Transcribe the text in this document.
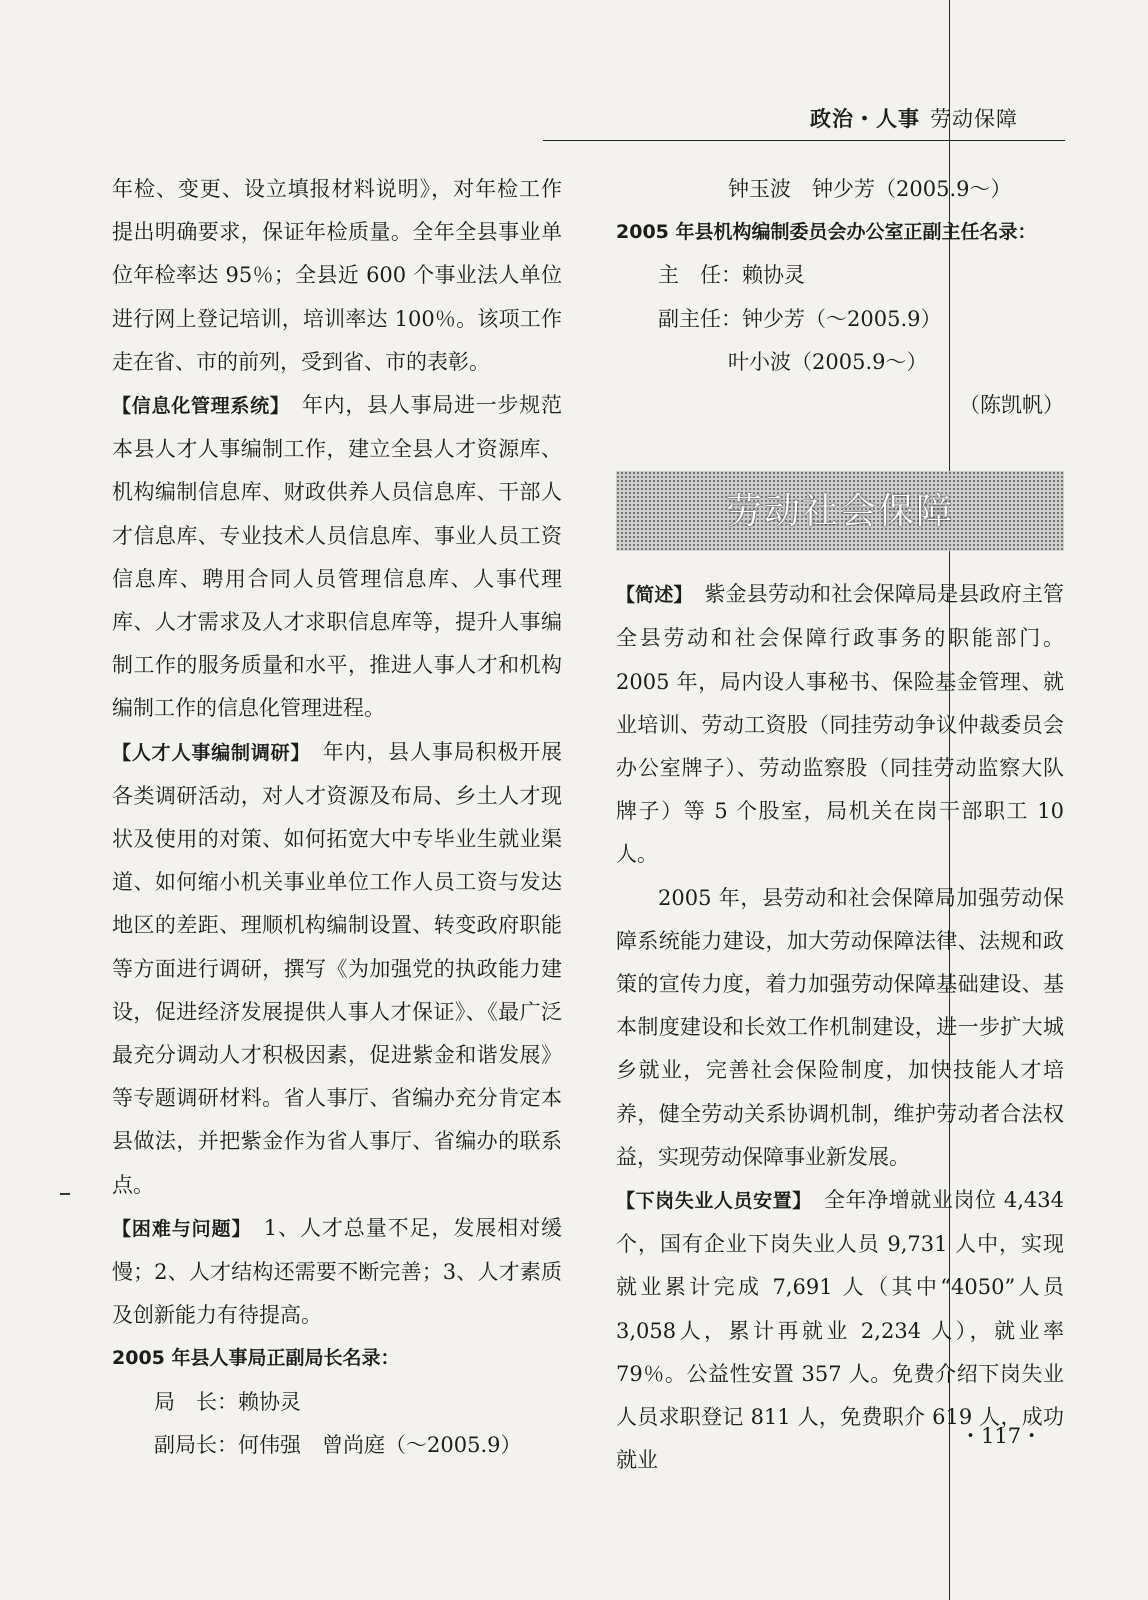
政治・人事 劳动保障

年检、变更、设立填报材料说明》，对年检工作提出明确要求，保证年检质量。全年全县事业单位年检率达 95％；全县近 600 个事业法人单位进行网上登记培训，培训率达 100％。该项工作走在省、市的前列，受到省、市的表彰。

【信息化管理系统】　 年内，县人事局进一步规范本县人才人事编制工作，建立全县人才资源库、机构编制信息库、财政供养人员信息库、干部人才信息库、专业技术人员信息库、事业人员工资信息库、聘用合同人员管理信息库、人事代理库、人才需求及人才求职信息库等，提升人事编制工作的服务质量和水平，推进人事人才和机构编制工作的信息化管理进程。

【人才人事编制调研】　 年内，县人事局积极开展各类调研活动，对人才资源及布局、乡土人才现状及使用的对策、如何拓宽大中专毕业生就业渠道、如何缩小机关事业单位工作人员工资与发达地区的差距、理顺机构编制设置、转变政府职能等方面进行调研，撰写《为加强党的执政能力建设，促进经济发展提供人事人才保证》、《最广泛最充分调动人才积极因素，促进紫金和谐发展》等专题调研材料。省人事厅、省编办充分肯定本县做法，并把紫金作为省人事厅、省编办的联系点。

【困难与问题】　 1、人才总量不足，发展相对缓慢；2、人才结构还需要不断完善；3、人才素质及创新能力有待提高。

2005 年县人事局正副局长名录：

局　长：赖协灵

副局长：何伟强　曾尚庭（～2005.9）

钟玉波　钟少芳（2005.9～）

2005 年县机构编制委员会办公室正副主任名录：

主　任：赖协灵

副主任：钟少芳（～2005.9）

叶小波（2005.9～）

（陈凯帆）

劳动社会保障

【简述】　 紫金县劳动和社会保障局是县政府主管全县劳动和社会保障行政事务的职能部门。2005 年，局内设人事秘书、保险基金管理、就业培训、劳动工资股（同挂劳动争议仲裁委员会办公室牌子）、劳动监察股（同挂劳动监察大队牌子）等 5 个股室，局机关在岗干部职工 10 人。

2005 年，县劳动和社会保障局加强劳动保障系统能力建设，加大劳动保障法律、法规和政策的宣传力度，着力加强劳动保障基础建设、基本制度建设和长效工作机制建设，进一步扩大城乡就业，完善社会保险制度，加快技能人才培养，健全劳动关系协调机制，维护劳动者合法权益，实现劳动保障事业新发展。

【下岗失业人员安置】　 全年净增就业岗位 4,434个，国有企业下岗失业人员 9,731 人中，实现就业累计完成 7,691 人（其中“4050”人员 3,058人，累计再就业 2,234 人），就业率 79％。公益性安置 357 人。免费介绍下岗失业人员求职登记 811 人，免费职介 619 人，成功就业

・117・
